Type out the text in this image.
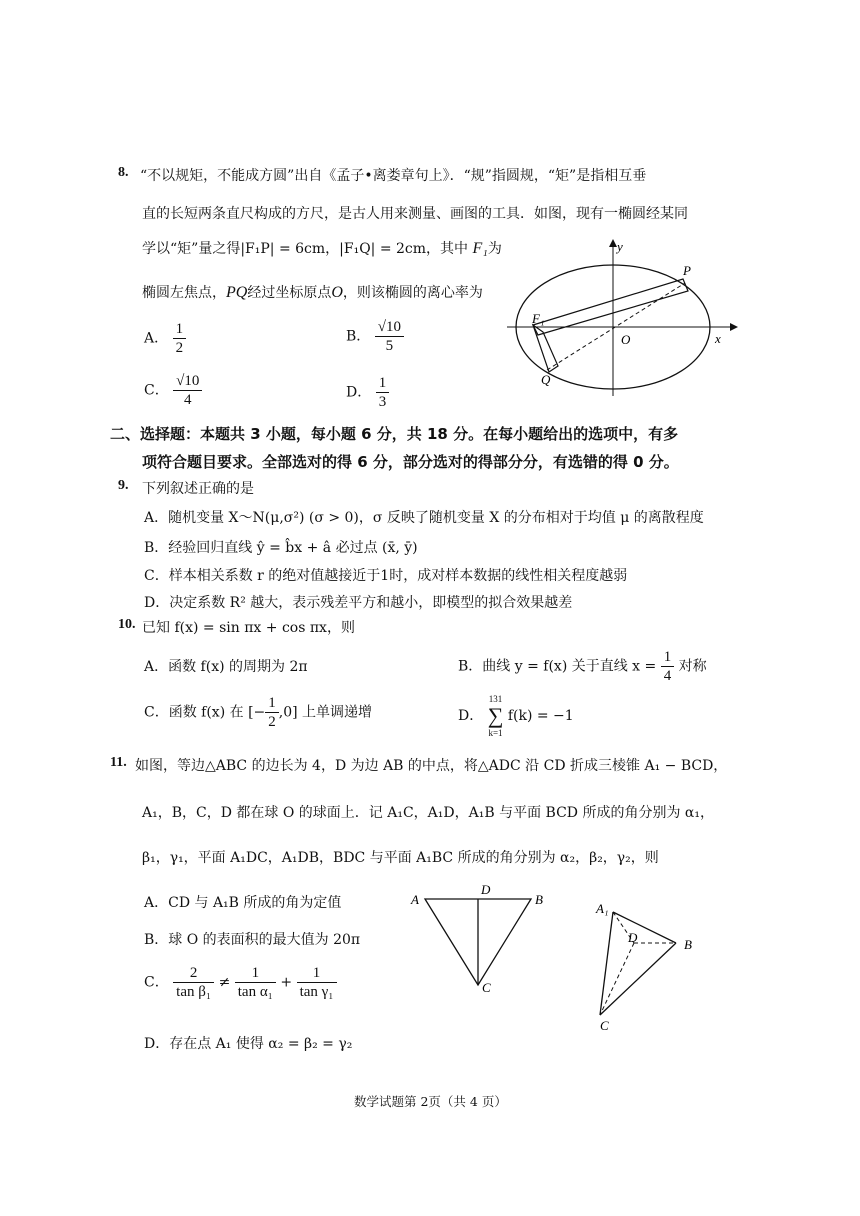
8. “不以规矩，不能成方圆”出自《孟子•离娄章句上》．“规”指圆规，“矩”是指相互垂
直的长短两条直尺构成的方尺，是古人用来测量、画图的工具．如图，现有一椭圆经某同
学以“矩”量之得|F₁P| = 6cm，|F₁Q| = 2cm，其中 F₁为
椭圆左焦点，PQ经过坐标原点O，则该椭圆的离心率为
A． $\frac{1}{2}$	B． $\frac{√10}{5}$
C． $\frac{√10}{4}$	D． $\frac{1}{3}$
y
x
P
F₁
O
Q
二、选择题：本题共 3 小题，每小题 6 分，共 18 分。在每小题给出的选项中，有多
项符合题目要求。全部选对的得 6 分，部分选对的得部分分，有选错的得 0 分。
9. 下列叙述正确的是
A．随机变量 X～N(μ,σ²) (σ > 0)，σ 反映了随机变量 X 的分布相对于均值 μ 的离散程度
B．经验回归直线 ŷ = b̂x + â 必过点 (x̄, ȳ)
C．样本相关系数 r 的绝对值越接近于1时，成对样本数据的线性相关程度越弱
D．决定系数 R² 越大，表示残差平方和越小，即模型的拟合效果越差
10. 已知 f(x) = sin πx + cos πx，则
A．函数 f(x) 的周期为 2π	B．曲线 y = f(x) 关于直线 $x = \frac{1}{4}$ 对称
C．函数 f(x) 在 [− $\frac{1}{2} ,0$] 上单调递增	D．
131
∑
k=1
f(k) = −1
11. 如图，等边△ABC 的边长为 4，D 为边 AB 的中点，将△ADC 沿 CD 折成三棱锥 A₁ − BCD，
A₁，B，C，D 都在球 O 的球面上．记 A₁C，A₁D，A₁B 与平面 BCD 所成的角分别为 α₁，
β₁，γ₁，平面 A₁DC，A₁DB，BDC 与平面 A₁BC 所成的角分别为 α₂，β₂，γ₂，则
A．CD 与 A₁B 所成的角为定值
B．球 O 的表面积的最大值为 20π
C． $\frac{2}{\text{tan β₁}} \ne \frac{1}{\text{tan α₁}} + \frac{1}{\text{tan γ₁}}$
D．存在点 A₁ 使得 α₂ = β₂ = γ₂
A
D
B
C
A₁
D	B
C
数学试题第 2页（共 4 页）
